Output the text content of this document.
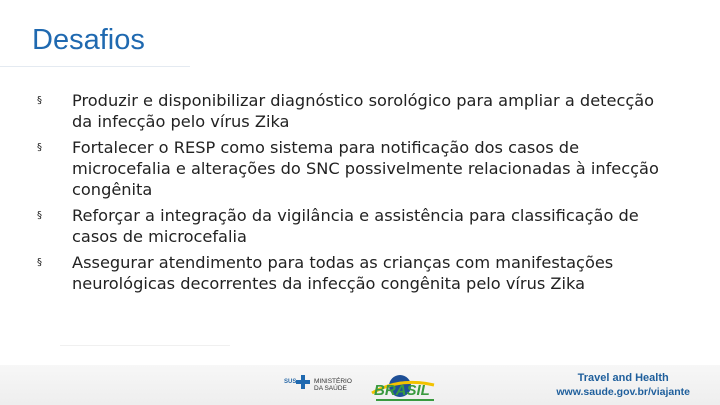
Desafios
§	Produzir e disponibilizar diagnóstico sorológico para ampliar a detecção da infecção pelo vírus Zika
§	Fortalecer o RESP como sistema para notificação dos casos de microcefalia e alterações do SNC possivelmente relacionadas à infecção congênita
§	Reforçar a integração da vigilância e assistência para classificação de casos de microcefalia
§	Assegurar atendimento para todas as crianças com manifestações neurológicas decorrentes da infecção congênita pelo vírus Zika
SUS	MINISTÉRIO
DA SAÚDE	BRASIL
Travel and Health
www.saude.gov.br/viajante
